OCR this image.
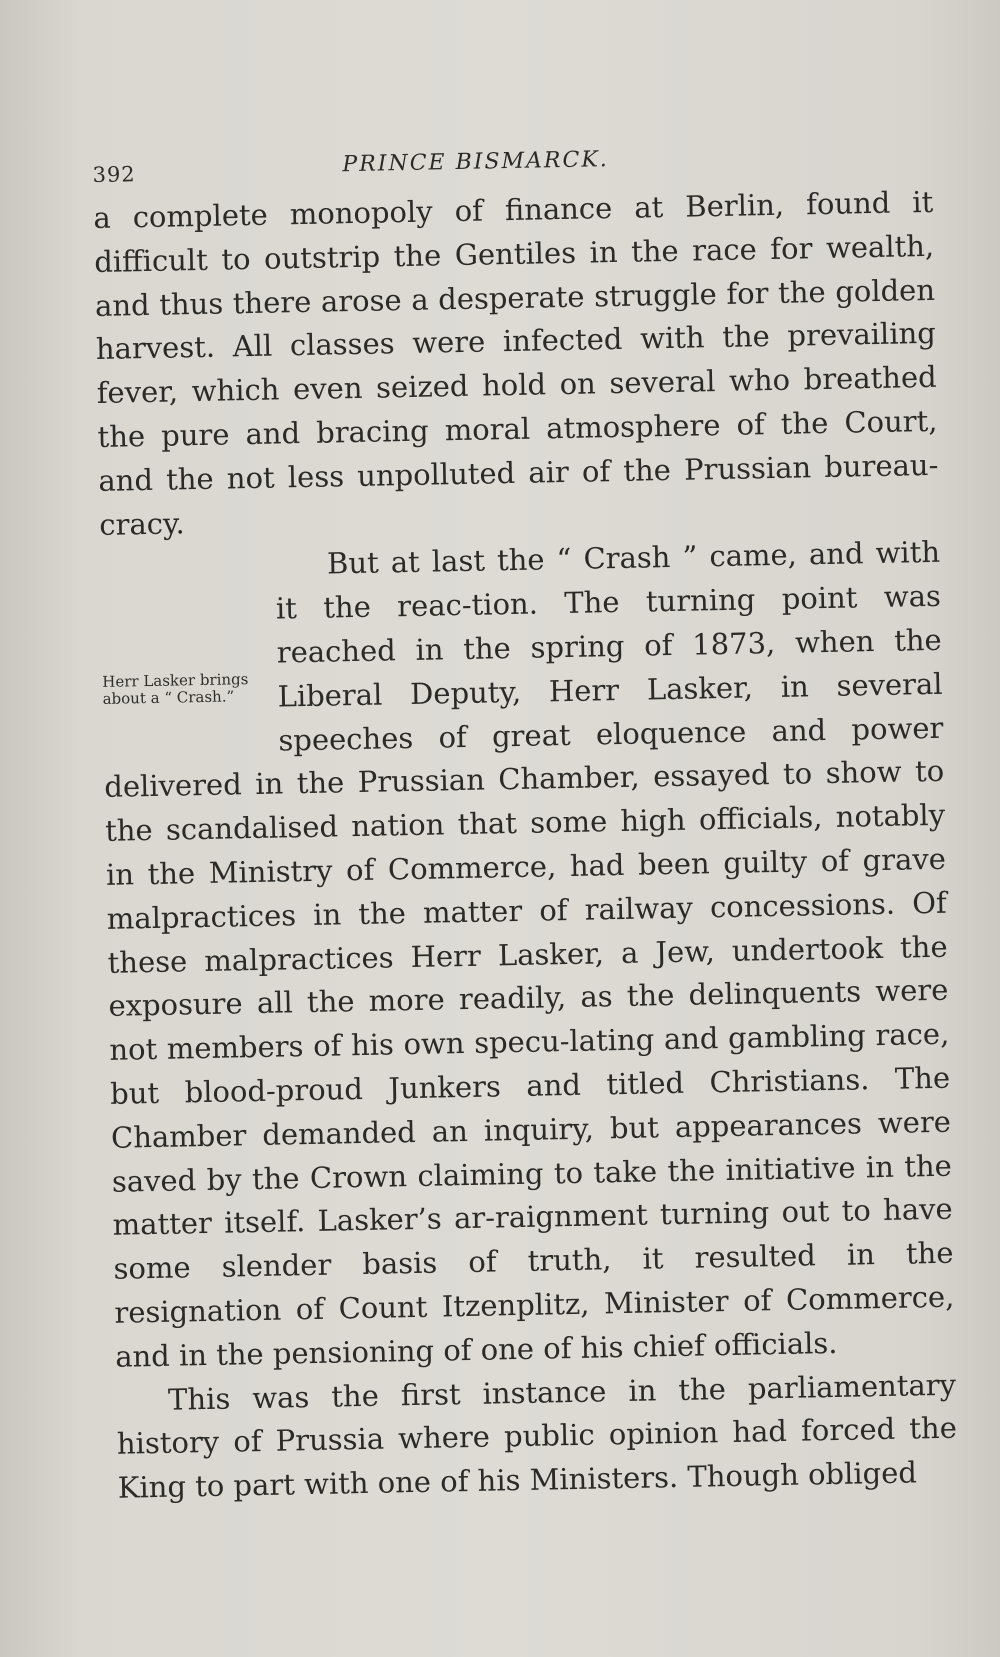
392	PRINCE BISMARCK.

a complete monopoly of finance at Berlin, found it difficult to outstrip the Gentiles in the race for wealth, and thus there arose a desperate struggle for the golden harvest. All classes were infected with the prevailing fever, which even seized hold on several who breathed the pure and bracing moral atmosphere of the Court, and the not less unpolluted air of the Prussian bureau-cracy.

Herr Lasker brings about a “ Crash.”

But at last the “ Crash ” came, and with it the reac-tion. The turning point was reached in the spring of 1873, when the Liberal Deputy, Herr Lasker, in several speeches of great eloquence and power delivered in the Prussian Chamber, essayed to show to the scandalised nation that some high officials, notably in the Ministry of Commerce, had been guilty of grave malpractices in the matter of railway concessions. Of these malpractices Herr Lasker, a Jew, undertook the exposure all the more readily, as the delinquents were not members of his own specu-lating and gambling race, but blood-proud Junkers and titled Christians. The Chamber demanded an inquiry, but appearances were saved by the Crown claiming to take the initiative in the matter itself. Lasker’s ar-raignment turning out to have some slender basis of truth, it resulted in the resignation of Count Itzenplitz, Minister of Commerce, and in the pensioning of one of his chief officials.

This was the first instance in the parliamentary history of Prussia where public opinion had forced the King to part with one of his Ministers. Though obliged
